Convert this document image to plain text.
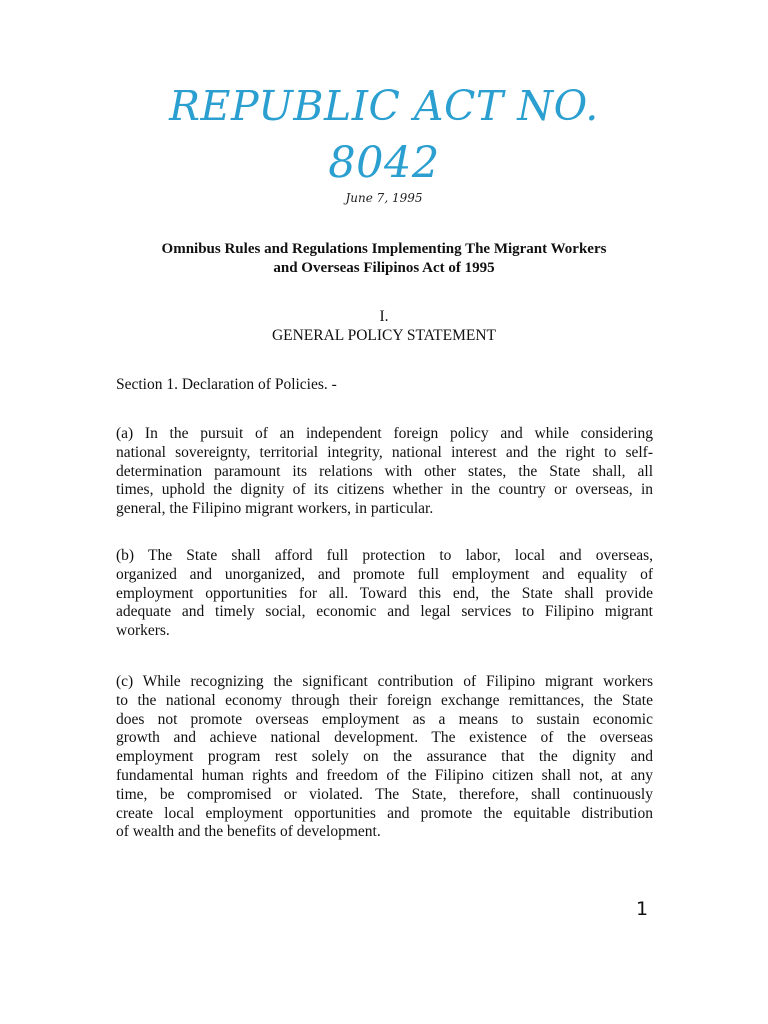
REPUBLIC ACT NO.
8042
June 7, 1995
Omnibus Rules and Regulations Implementing The Migrant Workers
and Overseas Filipinos Act of 1995
I.
GENERAL POLICY STATEMENT
Section 1. Declaration of Policies. -
(a) In the pursuit of an independent foreign policy and while considering
national sovereignty, territorial integrity, national interest and the right to self-
determination paramount its relations with other states, the State shall, all
times, uphold the dignity of its citizens whether in the country or overseas, in
general, the Filipino migrant workers, in particular.
(b) The State shall afford full protection to labor, local and overseas,
organized and unorganized, and promote full employment and equality of
employment opportunities for all. Toward this end, the State shall provide
adequate and timely social, economic and legal services to Filipino migrant
workers.
(c) While recognizing the significant contribution of Filipino migrant workers
to the national economy through their foreign exchange remittances, the State
does not promote overseas employment as a means to sustain economic
growth and achieve national development. The existence of the overseas
employment program rest solely on the assurance that the dignity and
fundamental human rights and freedom of the Filipino citizen shall not, at any
time, be compromised or violated. The State, therefore, shall continuously
create local employment opportunities and promote the equitable distribution
of wealth and the benefits of development.
1
